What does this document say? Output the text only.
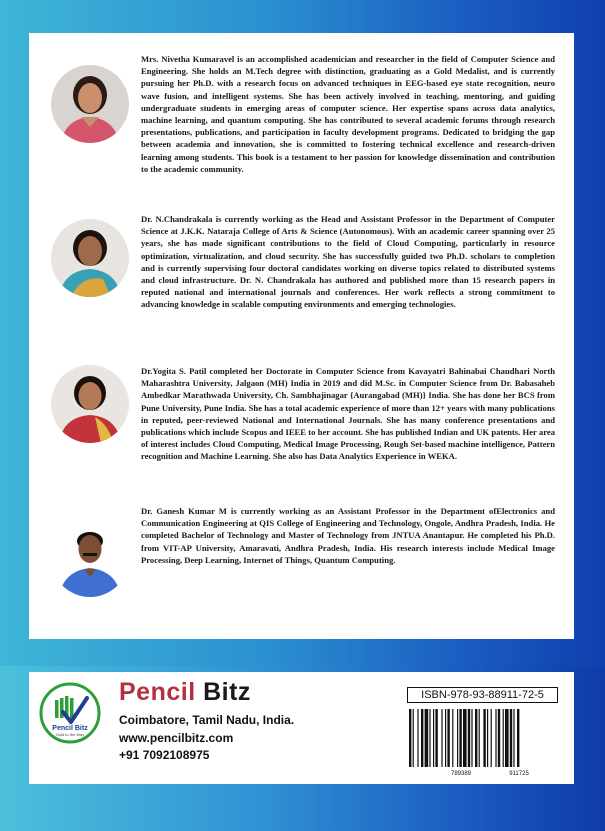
Mrs. Nivetha Kumaravel is an accomplished academician and researcher in the field of Computer Science and Engineering. She holds an M.Tech degree with distinction, graduating as a Gold Medalist, and is currently pursuing her Ph.D. with a research focus on advanced techniques in EEG-based eye state recognition, neuro wave fusion, and intelligent systems. She has been actively involved in teaching, mentoring, and guiding undergraduate students in emerging areas of computer science. Her expertise spans across data analytics, machine learning, and quantum computing. She has contributed to several academic forums through research presentations, publications, and participation in faculty development programs. Dedicated to bridging the gap between academia and innovation, she is committed to fostering technical excellence and research-driven learning among students. This book is a testament to her passion for knowledge dissemination and contribution to the academic community.

Dr. N.Chandrakala is currently working as the Head and Assistant Professor in the Department of Computer Science at J.K.K. Nataraja College of Arts & Science (Autonomous). With an academic career spanning over 25 years, she has made significant contributions to the field of Cloud Computing, particularly in resource optimization, virtualization, and cloud security. She has successfully guided two Ph.D. scholars to completion and is currently supervising four doctoral candidates working on diverse topics related to distributed systems and cloud infrastructure. Dr. N. Chandrakala has authored and published more than 15 research papers in reputed national and international journals and conferences. Her work reflects a strong commitment to advancing knowledge in scalable computing environments and emerging technologies.

Dr.Yogita S. Patil completed her Doctorate in Computer Science from Kavayatri Bahinabai Chaudhari North Maharashtra University, Jalgaon (MH) India in 2019 and did M.Sc. in Computer Science from Dr. Babasaheb Ambedkar Marathwada University, Ch. Sambhajinagar {Aurangabad (MH)} India. She has done her BCS from Pune University, Pune India. She has a total academic experience of more than 12+ years with many publications in reputed, peer-reviewed National and International Journals. She has many conference presentations and publications which include Scopus and IEEE to her account. She has published Indian and UK patents. Her area of interest includes Cloud Computing, Medical Image Processing, Rough Set-based machine intelligence, Pattern recognition and Machine Learning. She also has Data Analytics Experience in WEKA.

Dr. Ganesh Kumar M is currently working as an Assistant Professor in the Department ofElectronics and Communication Engineering at QIS College of Engineering and Technology, Ongole, Andhra Pradesh, India. He completed Bachelor of Technology and Master of Technology from JNTUA Anantapur. He completed his Ph.D. from VIT-AP University, Amaravati, Andhra Pradesh, India. His research interests include Medical Image Processing, Deep Learning, Internet of Things, Quantum Computing.

Pencil Bitz
Guid to the Way

Pencil Bitz

Coimbatore, Tamil Nadu, India.

www.pencilbitz.com

+91 7092108975

ISBN-978-93-88911-72-5
789389	911725
